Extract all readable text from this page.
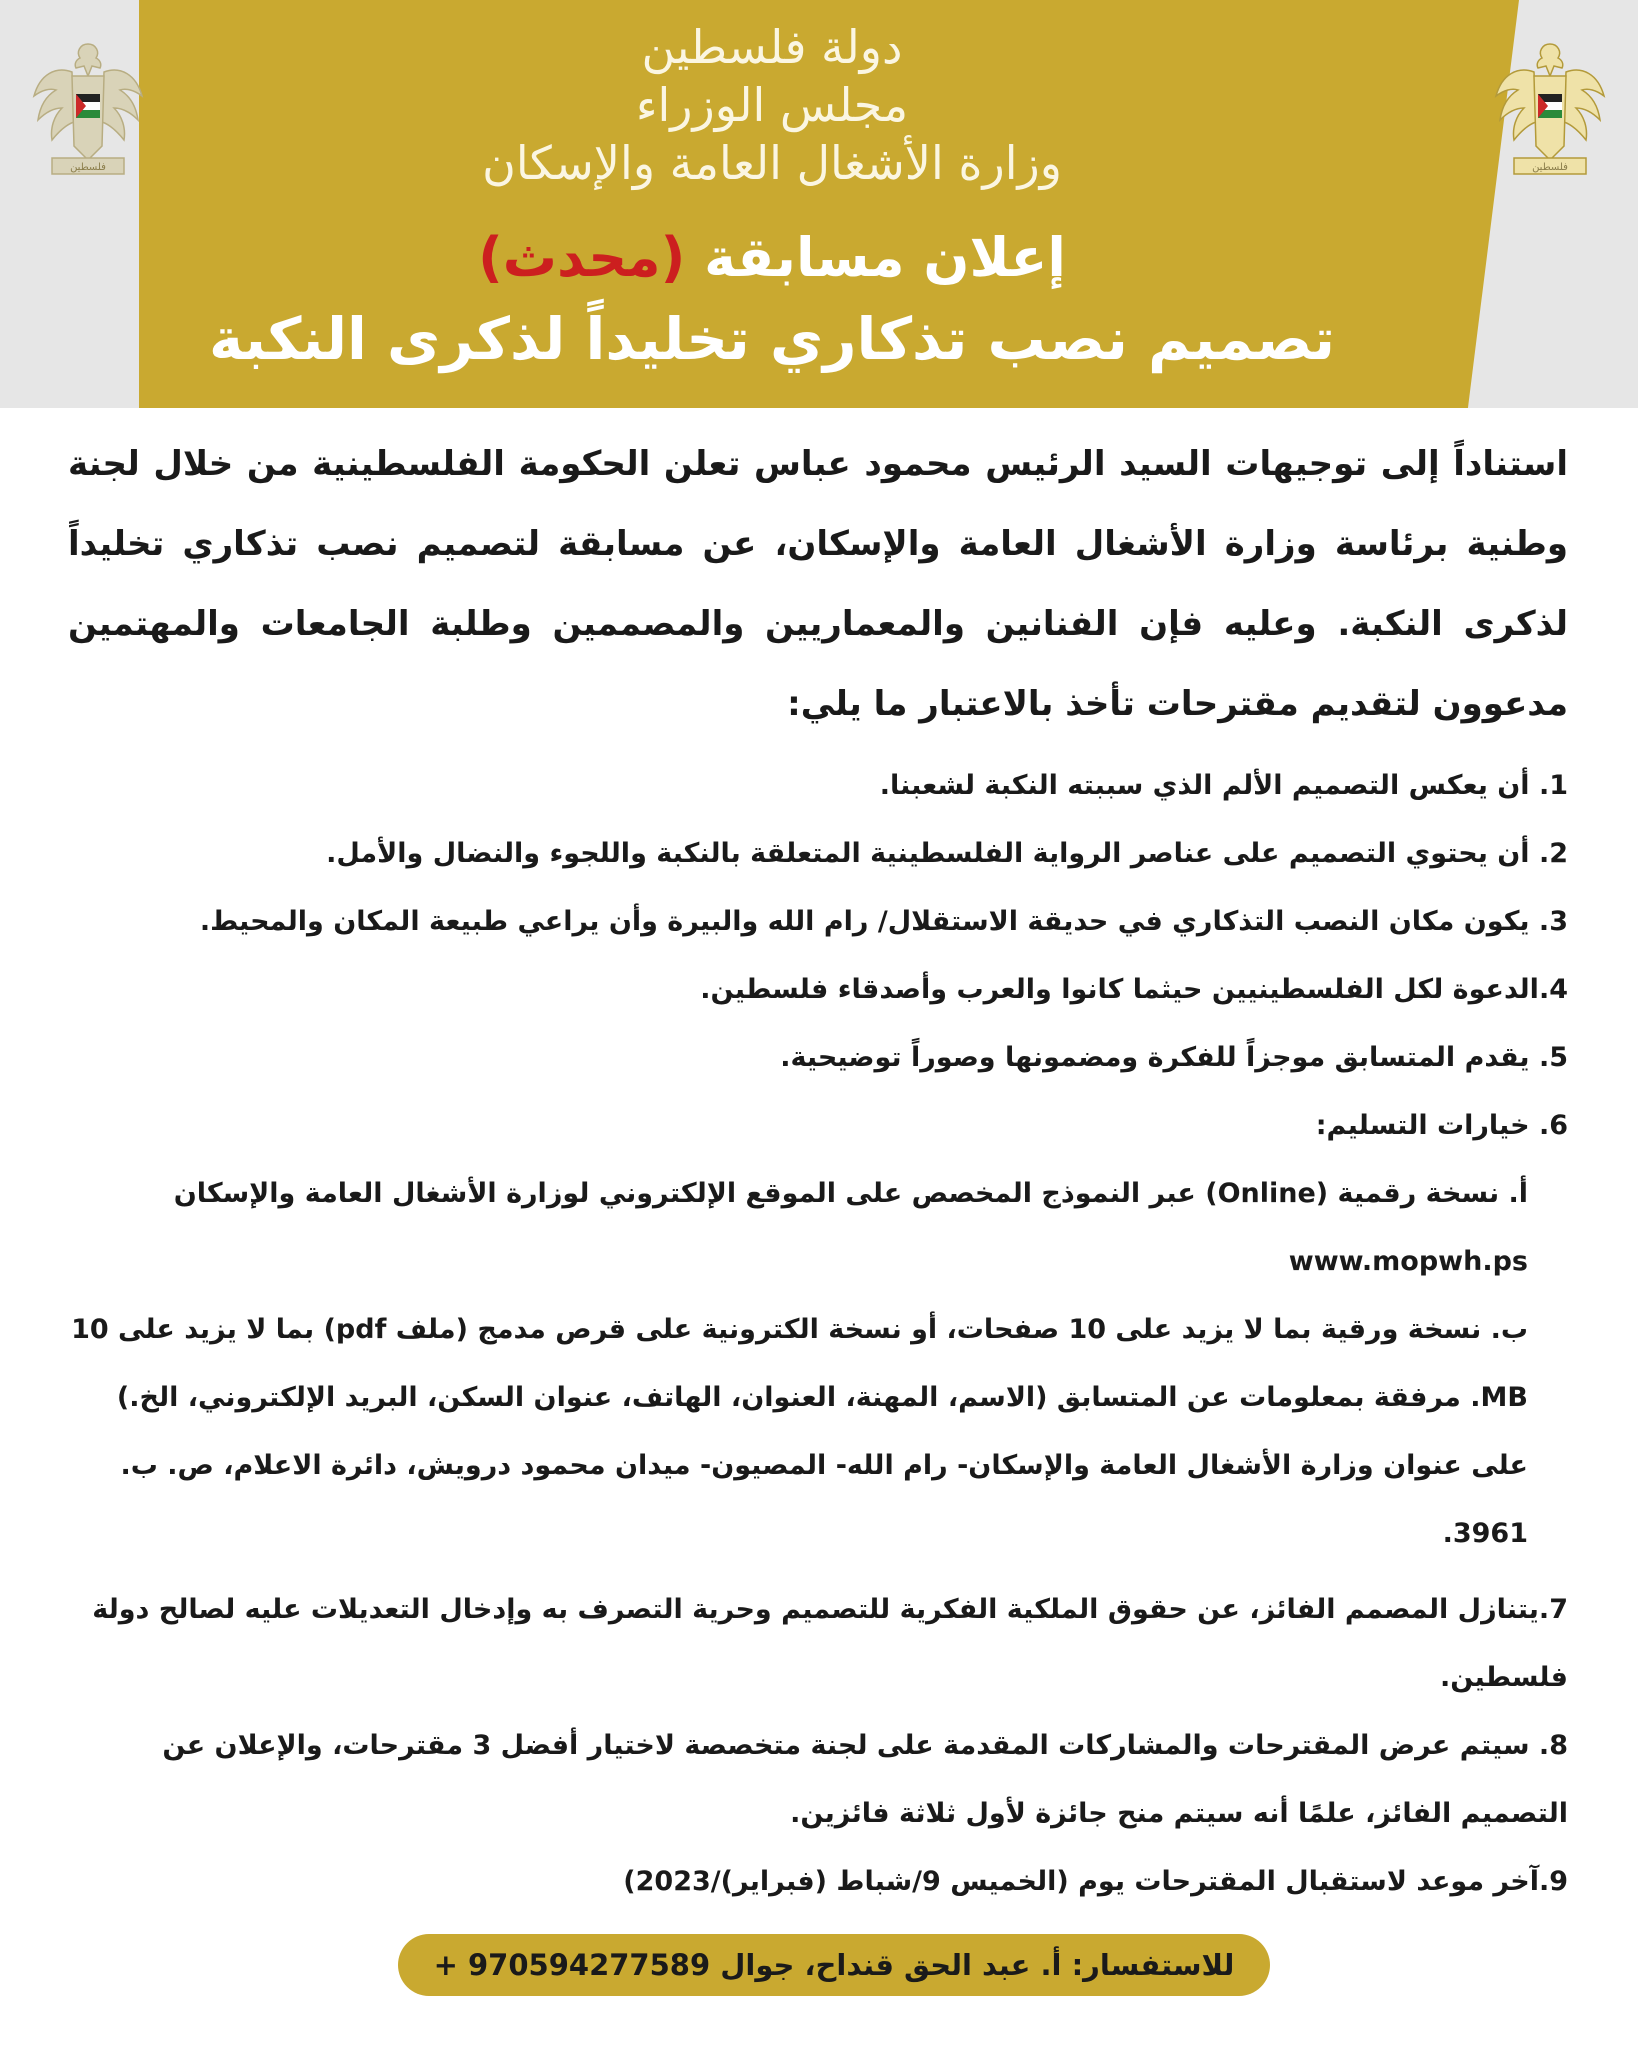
فلسطين	فلسطين
دولة فلسطين
مجلس الوزراء
وزارة الأشغال العامة والإسكان
إعلان مسابقة (محدث)
تصميم نصب تذكاري تخليداً لذكرى النكبة

استناداً إلى توجيهات السيد الرئيس محمود عباس تعلن الحكومة الفلسطينية من خلال لجنة وطنية برئاسة وزارة الأشغال العامة والإسكان، عن مسابقة لتصميم نصب تذكاري تخليداً لذكرى النكبة. وعليه فإن الفنانين والمعماريين والمصممين وطلبة الجامعات والمهتمين مدعوون لتقديم مقترحات تأخذ بالاعتبار ما يلي:

1. أن يعكس التصميم الألم الذي سببته النكبة لشعبنا.
2. أن يحتوي التصميم على عناصر الرواية الفلسطينية المتعلقة بالنكبة واللجوء والنضال والأمل.
3. يكون مكان النصب التذكاري في حديقة الاستقلال/ رام الله والبيرة وأن يراعي طبيعة المكان والمحيط.
4.الدعوة لكل الفلسطينيين حيثما كانوا والعرب وأصدقاء فلسطين.
5. يقدم المتسابق موجزاً للفكرة ومضمونها وصوراً توضيحية.
6. خيارات التسليم:
أ. نسخة رقمية (Online) عبر النموذج المخصص على الموقع الإلكتروني لوزارة الأشغال العامة والإسكان www.mopwh.ps
ب. نسخة ورقية بما لا يزيد على 10 صفحات، أو نسخة الكترونية على قرص مدمج (ملف pdf) بما لا يزيد على 10 MB. مرفقة بمعلومات عن المتسابق (الاسم، المهنة، العنوان، الهاتف، عنوان السكن، البريد الإلكتروني، الخ.) على عنوان وزارة الأشغال العامة والإسكان- رام الله- المصيون- ميدان محمود درويش، دائرة الاعلام، ص. ب. 3961.
7.يتنازل المصمم الفائز، عن حقوق الملكية الفكرية للتصميم وحرية التصرف به وإدخال التعديلات عليه لصالح دولة فلسطين.
8. سيتم عرض المقترحات والمشاركات المقدمة على لجنة متخصصة لاختيار أفضل 3 مقترحات، والإعلان عن التصميم الفائز، علمًا أنه سيتم منح جائزة لأول ثلاثة فائزين.
9.آخر موعد لاستقبال المقترحات يوم (الخميس 9/شباط (فبراير)/2023)
للاستفسار: أ. عبد الحق قنداح، جوال 970594277589 +
